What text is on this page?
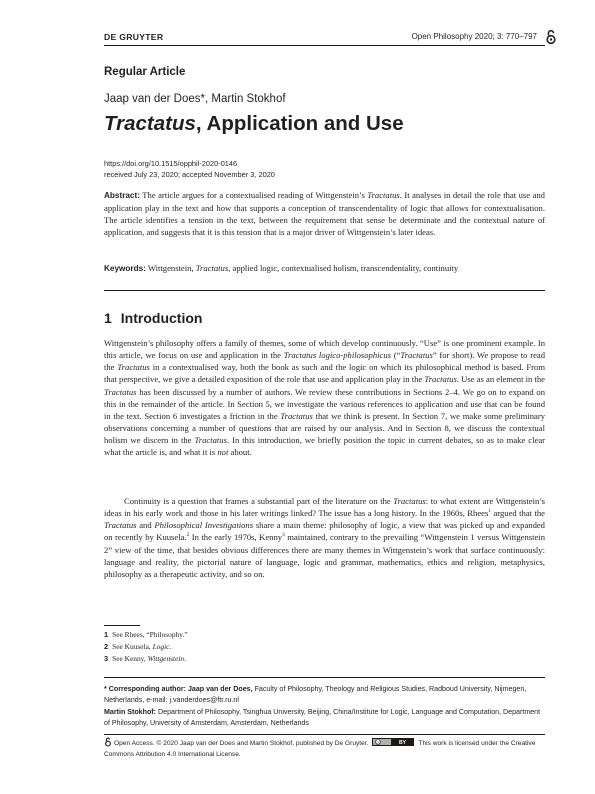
DE GRUYTER	Open Philosophy 2020; 3: 770–797
Regular Article
Jaap van der Does*, Martin Stokhof
Tractatus, Application and Use
https://doi.org/10.1515/opphil-2020-0146
received July 23, 2020; accepted November 3, 2020
Abstract: The article argues for a contextualised reading of Wittgenstein’s Tractatus. It analyses in detail the role that use and application play in the text and how that supports a conception of transcendentality of logic that allows for contextualisation. The article identifies a tension in the text, between the requirement that sense be determinate and the contextual nature of application, and suggests that it is this tension that is a major driver of Wittgenstein’s later ideas.
Keywords: Wittgenstein, Tractatus, applied logic, contextualised holism, transcendentality, continuity
1 Introduction
Wittgenstein’s philosophy offers a family of themes, some of which develop continuously. “Use” is one prominent example. In this article, we focus on use and application in the Tractatus logico-philosophicus (“Tractatus” for short). We propose to read the Tractatus in a contextualised way, both the book as such and the logic on which its philosophical method is based. From that perspective, we give a detailed exposition of the role that use and application play in the Tractatus. Use as an element in the Tractatus has been discussed by a number of authors. We review these contributions in Sections 2–4. We go on to expand on this in the remainder of the article. In Section 5, we investigate the various references to application and use that can be found in the text. Section 6 investigates a friction in the Tractatus that we think is present. In Section 7, we make some preliminary observations concerning a number of questions that are raised by our analysis. And in Section 8, we discuss the contextual holism we discern in the Tractatus. In this introduction, we briefly position the topic in current debates, so as to make clear what the article is, and what it is not about.
Continuity is a question that frames a substantial part of the literature on the Tractatus: to what extent are Wittgenstein’s ideas in his early work and those in his later writings linked? The issue has a long history. In the 1960s, Rhees$^1$ argued that the Tractatus and Philosophical Investigations share a main theme: philosophy of logic, a view that was picked up and expanded on recently by Kuusela.$^2$ In the early 1970s, Kenny$^3$ maintained, contrary to the prevailing “Wittgenstein 1 versus Wittgenstein 2” view of the time, that besides obvious differences there are many themes in Wittgenstein’s work that surface continuously: language and reality, the pictorial nature of language, logic and grammar, mathematics, ethics and religion, metaphysics, philosophy as a therapeutic activity, and so on.
1 See Rhees, “Philosophy.”
2 See Kuusela, Logic.
3 See Kenny, Wittgenstein.
* Corresponding author: Jaap van der Does, Faculty of Philosophy, Theology and Religious Studies, Radboud University, Nijmegen, Netherlands, e-mail: j.vanderdoes@ftr.ru.nl
Martin Stokhof: Department of Philosophy, Tsinghua University, Beijing, China/Institute for Logic, Language and Computation, Department of Philosophy, University of Amsterdam, Amsterdam, Netherlands
Open Access. © 2020 Jaap van der Does and Martin Stokhof, published by De Gruyter. cc	BY This work is licensed under the Creative Commons Attribution 4.0 International License.
